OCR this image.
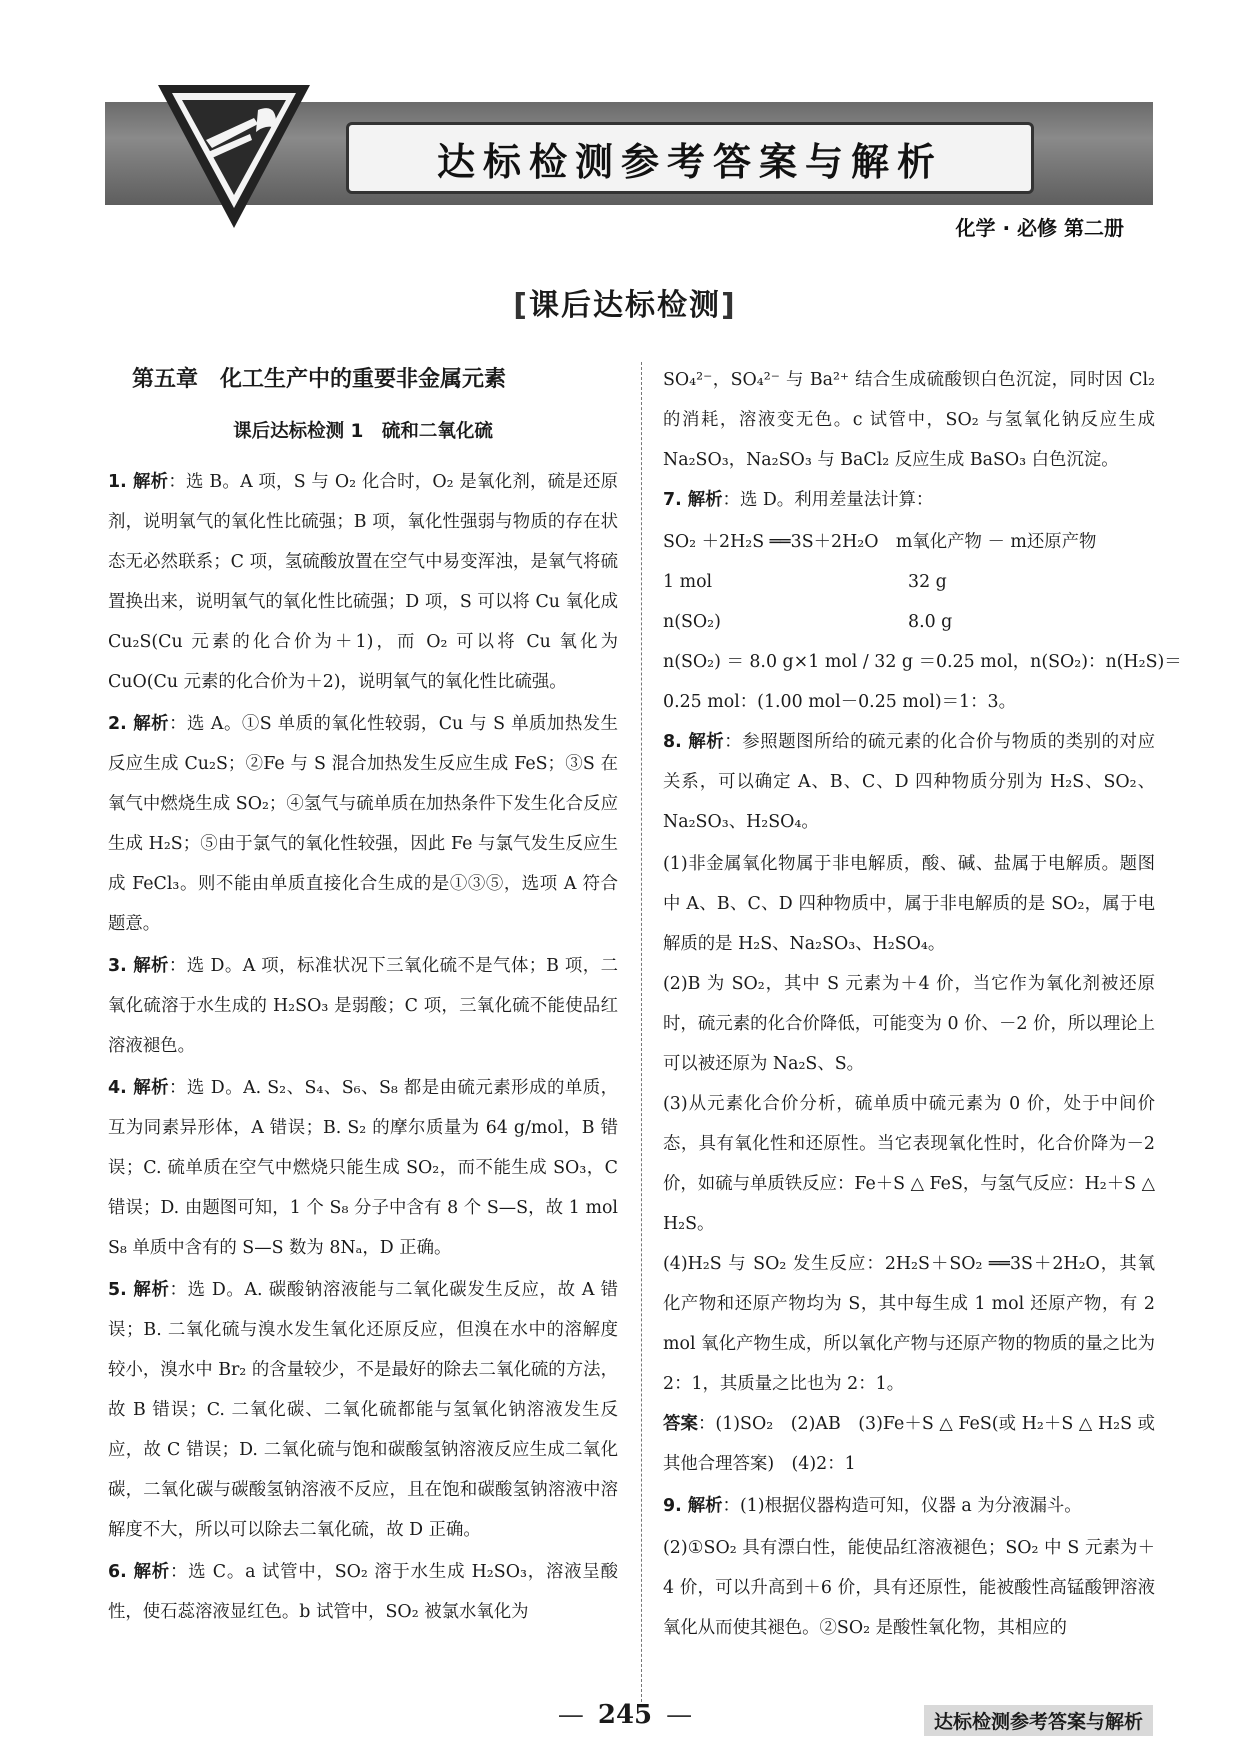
达标检测参考答案与解析
化学 · 必修 第二册
[课后达标检测]
第五章　化工生产中的重要非金属元素
课后达标检测 1　硫和二氧化硫
1. 解析：选 B。A 项，S 与 O₂ 化合时，O₂ 是氧化剂，硫是还原剂，说明氧气的氧化性比硫强；B 项，氧化性强弱与物质的存在状态无必然联系；C 项，氢硫酸放置在空气中易变浑浊，是氧气将硫置换出来，说明氧气的氧化性比硫强；D 项，S 可以将 Cu 氧化成 Cu₂S(Cu 元素的化合价为＋1)，而 O₂ 可以将 Cu 氧化为 CuO(Cu 元素的化合价为＋2)，说明氧气的氧化性比硫强。
2. 解析：选 A。①S 单质的氧化性较弱，Cu 与 S 单质加热发生反应生成 Cu₂S；②Fe 与 S 混合加热发生反应生成 FeS；③S 在氧气中燃烧生成 SO₂；④氢气与硫单质在加热条件下发生化合反应生成 H₂S；⑤由于氯气的氧化性较强，因此 Fe 与氯气发生反应生成 FeCl₃。则不能由单质直接化合生成的是①③⑤，选项 A 符合题意。
3. 解析：选 D。A 项，标准状况下三氧化硫不是气体；B 项，二氧化硫溶于水生成的 H₂SO₃ 是弱酸；C 项，三氧化硫不能使品红溶液褪色。
4. 解析：选 D。A. S₂、S₄、S₆、S₈ 都是由硫元素形成的单质，互为同素异形体，A 错误；B. S₂ 的摩尔质量为 64 g/mol，B 错误；C. 硫单质在空气中燃烧只能生成 SO₂，而不能生成 SO₃，C 错误；D. 由题图可知，1 个 S₈ 分子中含有 8 个 S—S，故 1 mol S₈ 单质中含有的 S—S 数为 8Nₐ，D 正确。
5. 解析：选 D。A. 碳酸钠溶液能与二氧化碳发生反应，故 A 错误；B. 二氧化硫与溴水发生氧化还原反应，但溴在水中的溶解度较小，溴水中 Br₂ 的含量较少，不是最好的除去二氧化硫的方法，故 B 错误；C. 二氧化碳、二氧化硫都能与氢氧化钠溶液发生反应，故 C 错误；D. 二氧化硫与饱和碳酸氢钠溶液反应生成二氧化碳，二氧化碳与碳酸氢钠溶液不反应，且在饱和碳酸氢钠溶液中溶解度不大，所以可以除去二氧化硫，故 D 正确。
6. 解析：选 C。a 试管中，SO₂ 溶于水生成 H₂SO₃，溶液呈酸性，使石蕊溶液显红色。b 试管中，SO₂ 被氯水氧化为

SO₄²⁻，SO₄²⁻ 与 Ba²⁺ 结合生成硫酸钡白色沉淀，同时因 Cl₂ 的消耗，溶液变无色。c 试管中，SO₂ 与氢氧化钠反应生成 Na₂SO₃，Na₂SO₃ 与 BaCl₂ 反应生成 BaSO₃ 白色沉淀。

7. 解析：选 D。利用差量法计算：
SO₂ ＋2H₂S ══3S＋2H₂O　m氧化产物 － m还原产物
1 mol	32 g
n(SO₂)	8.0 g
n(SO₂) ＝ 8.0 g×1 mol / 32 g ＝0.25 mol，n(SO₂)：n(H₂S)＝
0.25 mol：(1.00 mol－0.25 mol)＝1：3。
8. 解析：参照题图所给的硫元素的化合价与物质的类别的对应关系，可以确定 A、B、C、D 四种物质分别为 H₂S、SO₂、Na₂SO₃、H₂SO₄。

(1)非金属氧化物属于非电解质，酸、碱、盐属于电解质。题图中 A、B、C、D 四种物质中，属于非电解质的是 SO₂，属于电解质的是 H₂S、Na₂SO₃、H₂SO₄。

(2)B 为 SO₂，其中 S 元素为＋4 价，当它作为氧化剂被还原时，硫元素的化合价降低，可能变为 0 价、－2 价，所以理论上可以被还原为 Na₂S、S。

(3)从元素化合价分析，硫单质中硫元素为 0 价，处于中间价态，具有氧化性和还原性。当它表现氧化性时，化合价降为－2 价，如硫与单质铁反应：Fe＋S △ FeS，与氢气反应：H₂＋S △ H₂S。

(4)H₂S 与 SO₂ 发生反应：2H₂S＋SO₂ ══3S＋2H₂O，其氧化产物和还原产物均为 S，其中每生成 1 mol 还原产物，有 2 mol 氧化产物生成，所以氧化产物与还原产物的物质的量之比为 2：1，其质量之比也为 2：1。

答案：(1)SO₂　(2)AB　(3)Fe＋S △ FeS(或 H₂＋S △ H₂S 或其他合理答案)　(4)2：1
9. 解析：(1)根据仪器构造可知，仪器 a 为分液漏斗。

(2)①SO₂ 具有漂白性，能使品红溶液褪色；SO₂ 中 S 元素为＋4 价，可以升高到＋6 价，具有还原性，能被酸性高锰酸钾溶液氧化从而使其褪色。②SO₂ 是酸性氧化物，其相应的

— 245 —	达标检测参考答案与解析
